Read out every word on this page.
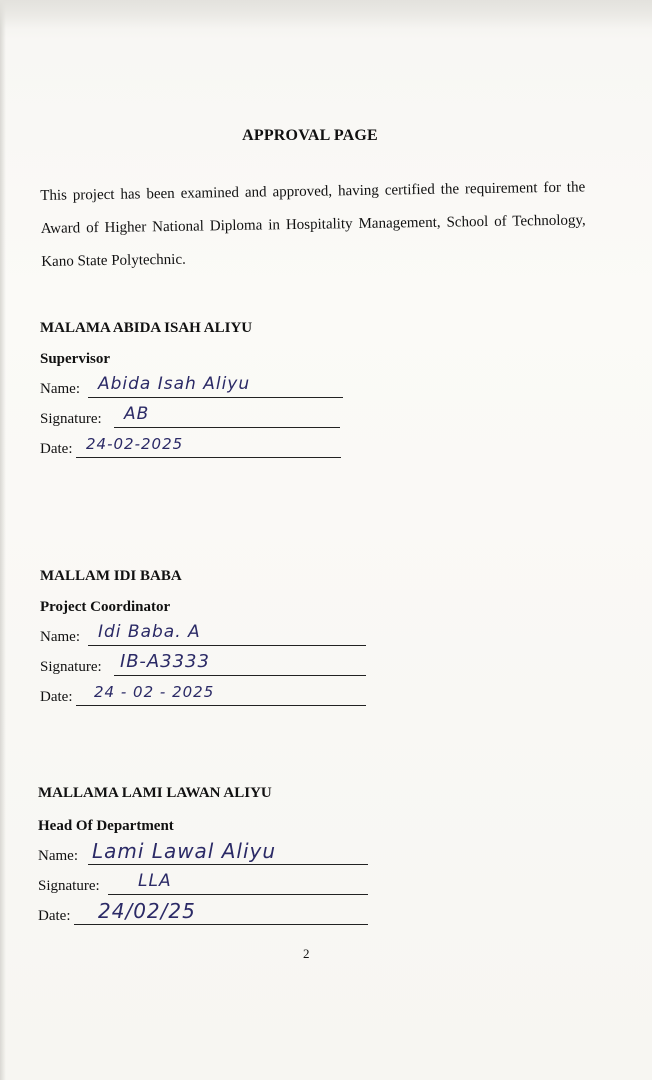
APPROVAL PAGE
This project has been examined and approved, having certified the requirement for the Award of Higher National Diploma in Hospitality Management, School of Technology, Kano State Polytechnic.
MALAMA ABIDA ISAH ALIYU
Supervisor
Name: Abida Isah Aliyu
Signature: AB
Date: 24-02-2025
MALLAM IDI BABA
Project Coordinator
Name: Idi Baba. A
Signature: IB-A3333
Date: 24 - 02 - 2025
MALLAMA LAMI LAWAN ALIYU
Head Of Department
Name: Lami Lawal Aliyu
Signature: LLA
Date: 24/02/25
2
